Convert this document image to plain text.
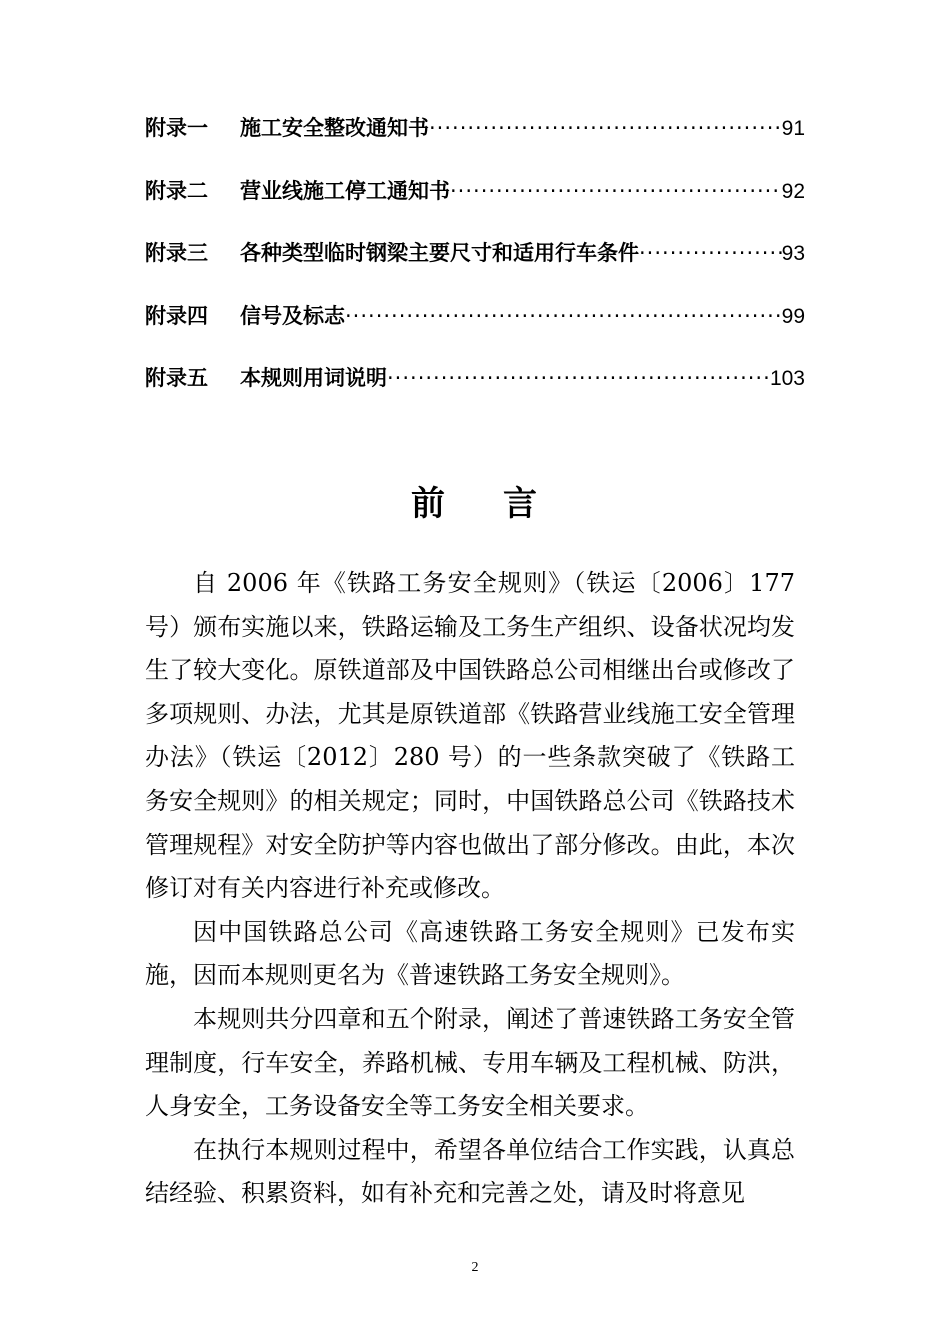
附录一	施工安全整改通知书 ·····	91
附录二	营业线施工停工通知书 ·····	92
附录三	各种类型临时钢梁主要尺寸和适用行车条件 ·····	93
附录四	信号及标志 ·····	99
附录五	本规则用词说明 ·····	103
前 言

自 2006 年《铁路工务安全规则》（铁运〔2006〕177 号）颁布实施以来，铁路运输及工务生产组织、设备状况均发生了较大变化。原铁道部及中国铁路总公司相继出台或修改了多项规则、办法，尤其是原铁道部《铁路营业线施工安全管理办法》（铁运〔2012〕280 号）的一些条款突破了《铁路工务安全规则》的相关规定；同时，中国铁路总公司《铁路技术管理规程》对安全防护等内容也做出了部分修改。由此，本次修订对有关内容进行补充或修改。

因中国铁路总公司《高速铁路工务安全规则》已发布实施，因而本规则更名为《普速铁路工务安全规则》。

本规则共分四章和五个附录，阐述了普速铁路工务安全管理制度，行车安全，养路机械、专用车辆及工程机械、防洪，人身安全，工务设备安全等工务安全相关要求。

在执行本规则过程中，希望各单位结合工作实践，认真总结经验、积累资料，如有补充和完善之处，请及时将意见

2
